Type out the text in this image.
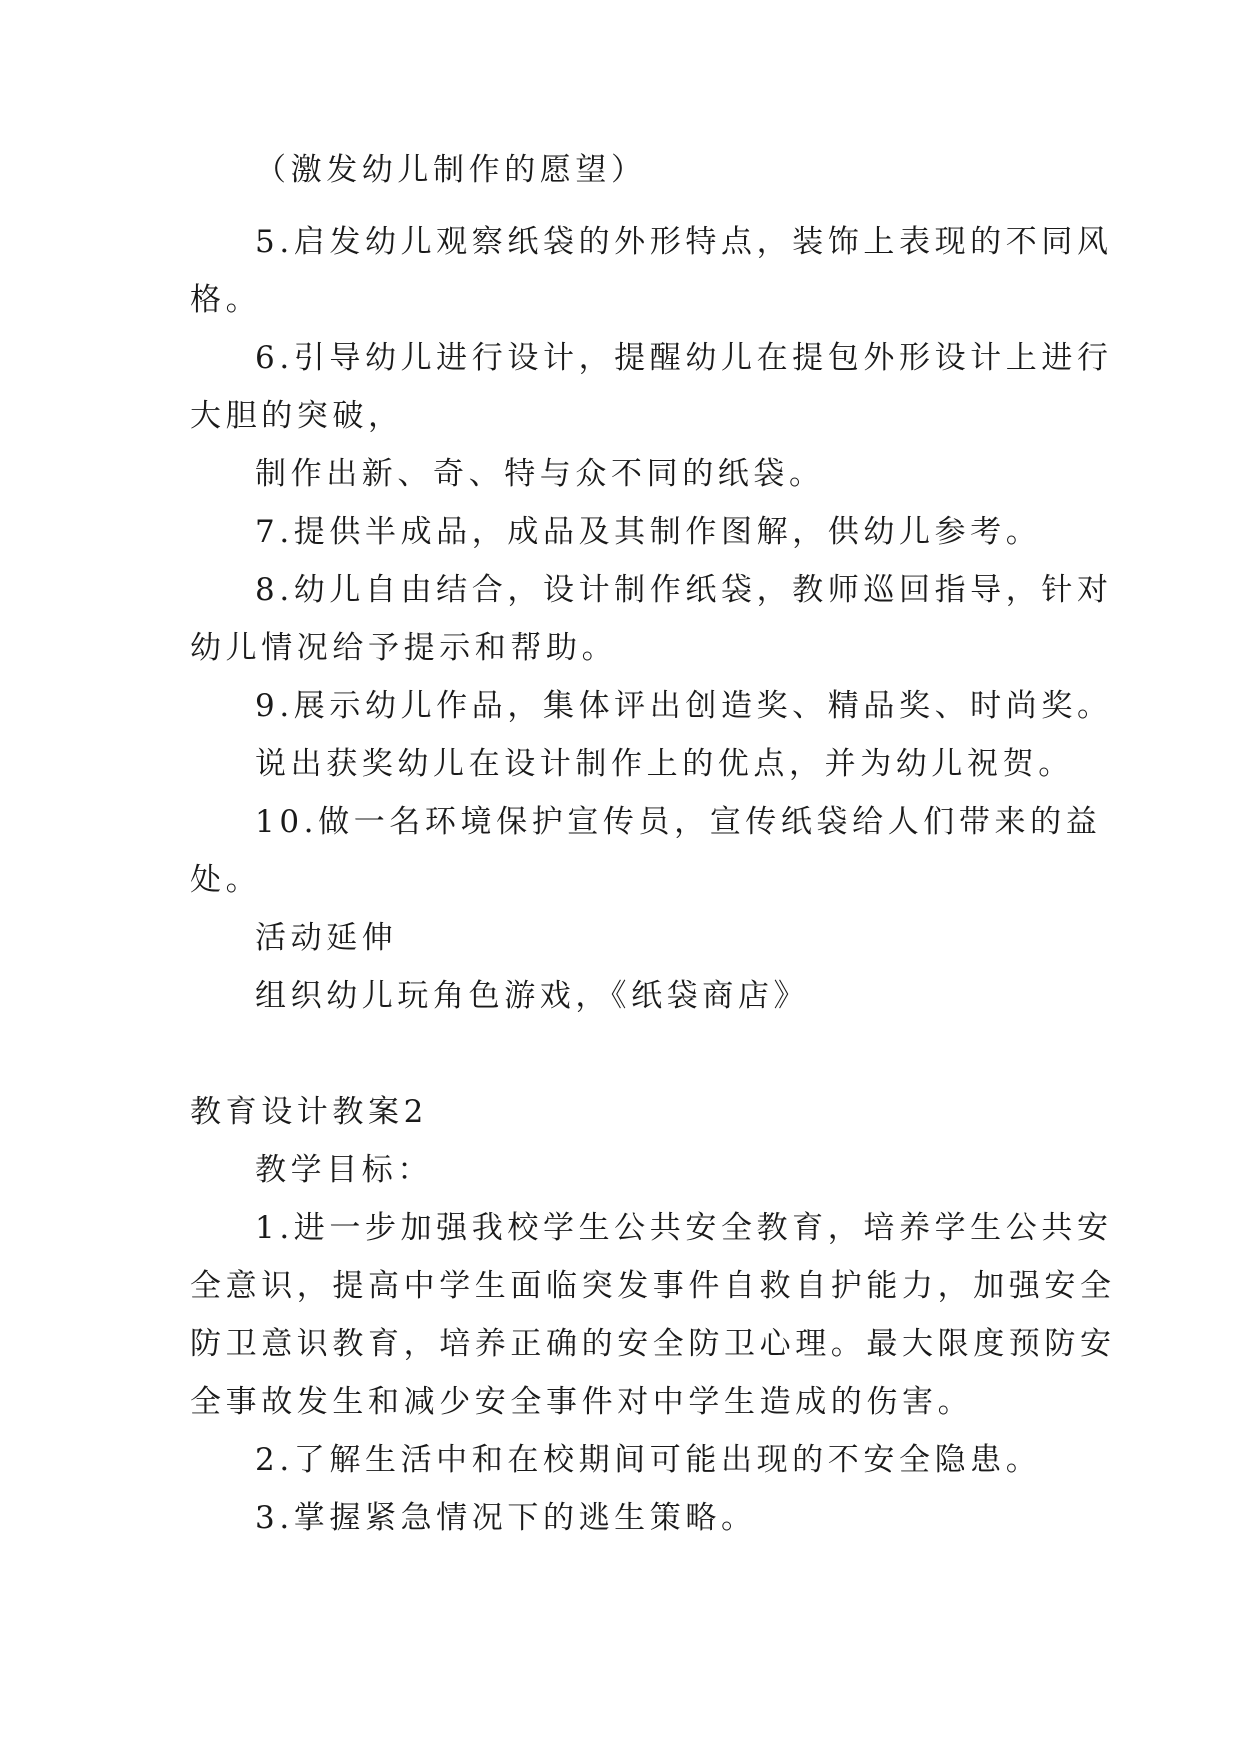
（激发幼儿制作的愿望）
5.启发幼儿观察纸袋的外形特点，装饰上表现的不同风
格。
6.引导幼儿进行设计，提醒幼儿在提包外形设计上进行
大胆的突破，
制作出新、奇、特与众不同的纸袋。
7.提供半成品，成品及其制作图解，供幼儿参考。
8.幼儿自由结合，设计制作纸袋，教师巡回指导，针对
幼儿情况给予提示和帮助。
9.展示幼儿作品，集体评出创造奖、精品奖、时尚奖。
说出获奖幼儿在设计制作上的优点，并为幼儿祝贺。
10.做一名环境保护宣传员，宣传纸袋给人们带来的益
处。
活动延伸
组织幼儿玩角色游戏，《纸袋商店》
教育设计教案2
教学目标：
1.进一步加强我校学生公共安全教育，培养学生公共安
全意识，提高中学生面临突发事件自救自护能力，加强安全
防卫意识教育，培养正确的安全防卫心理。最大限度预防安
全事故发生和减少安全事件对中学生造成的伤害。
2.了解生活中和在校期间可能出现的不安全隐患。
3.掌握紧急情况下的逃生策略。
